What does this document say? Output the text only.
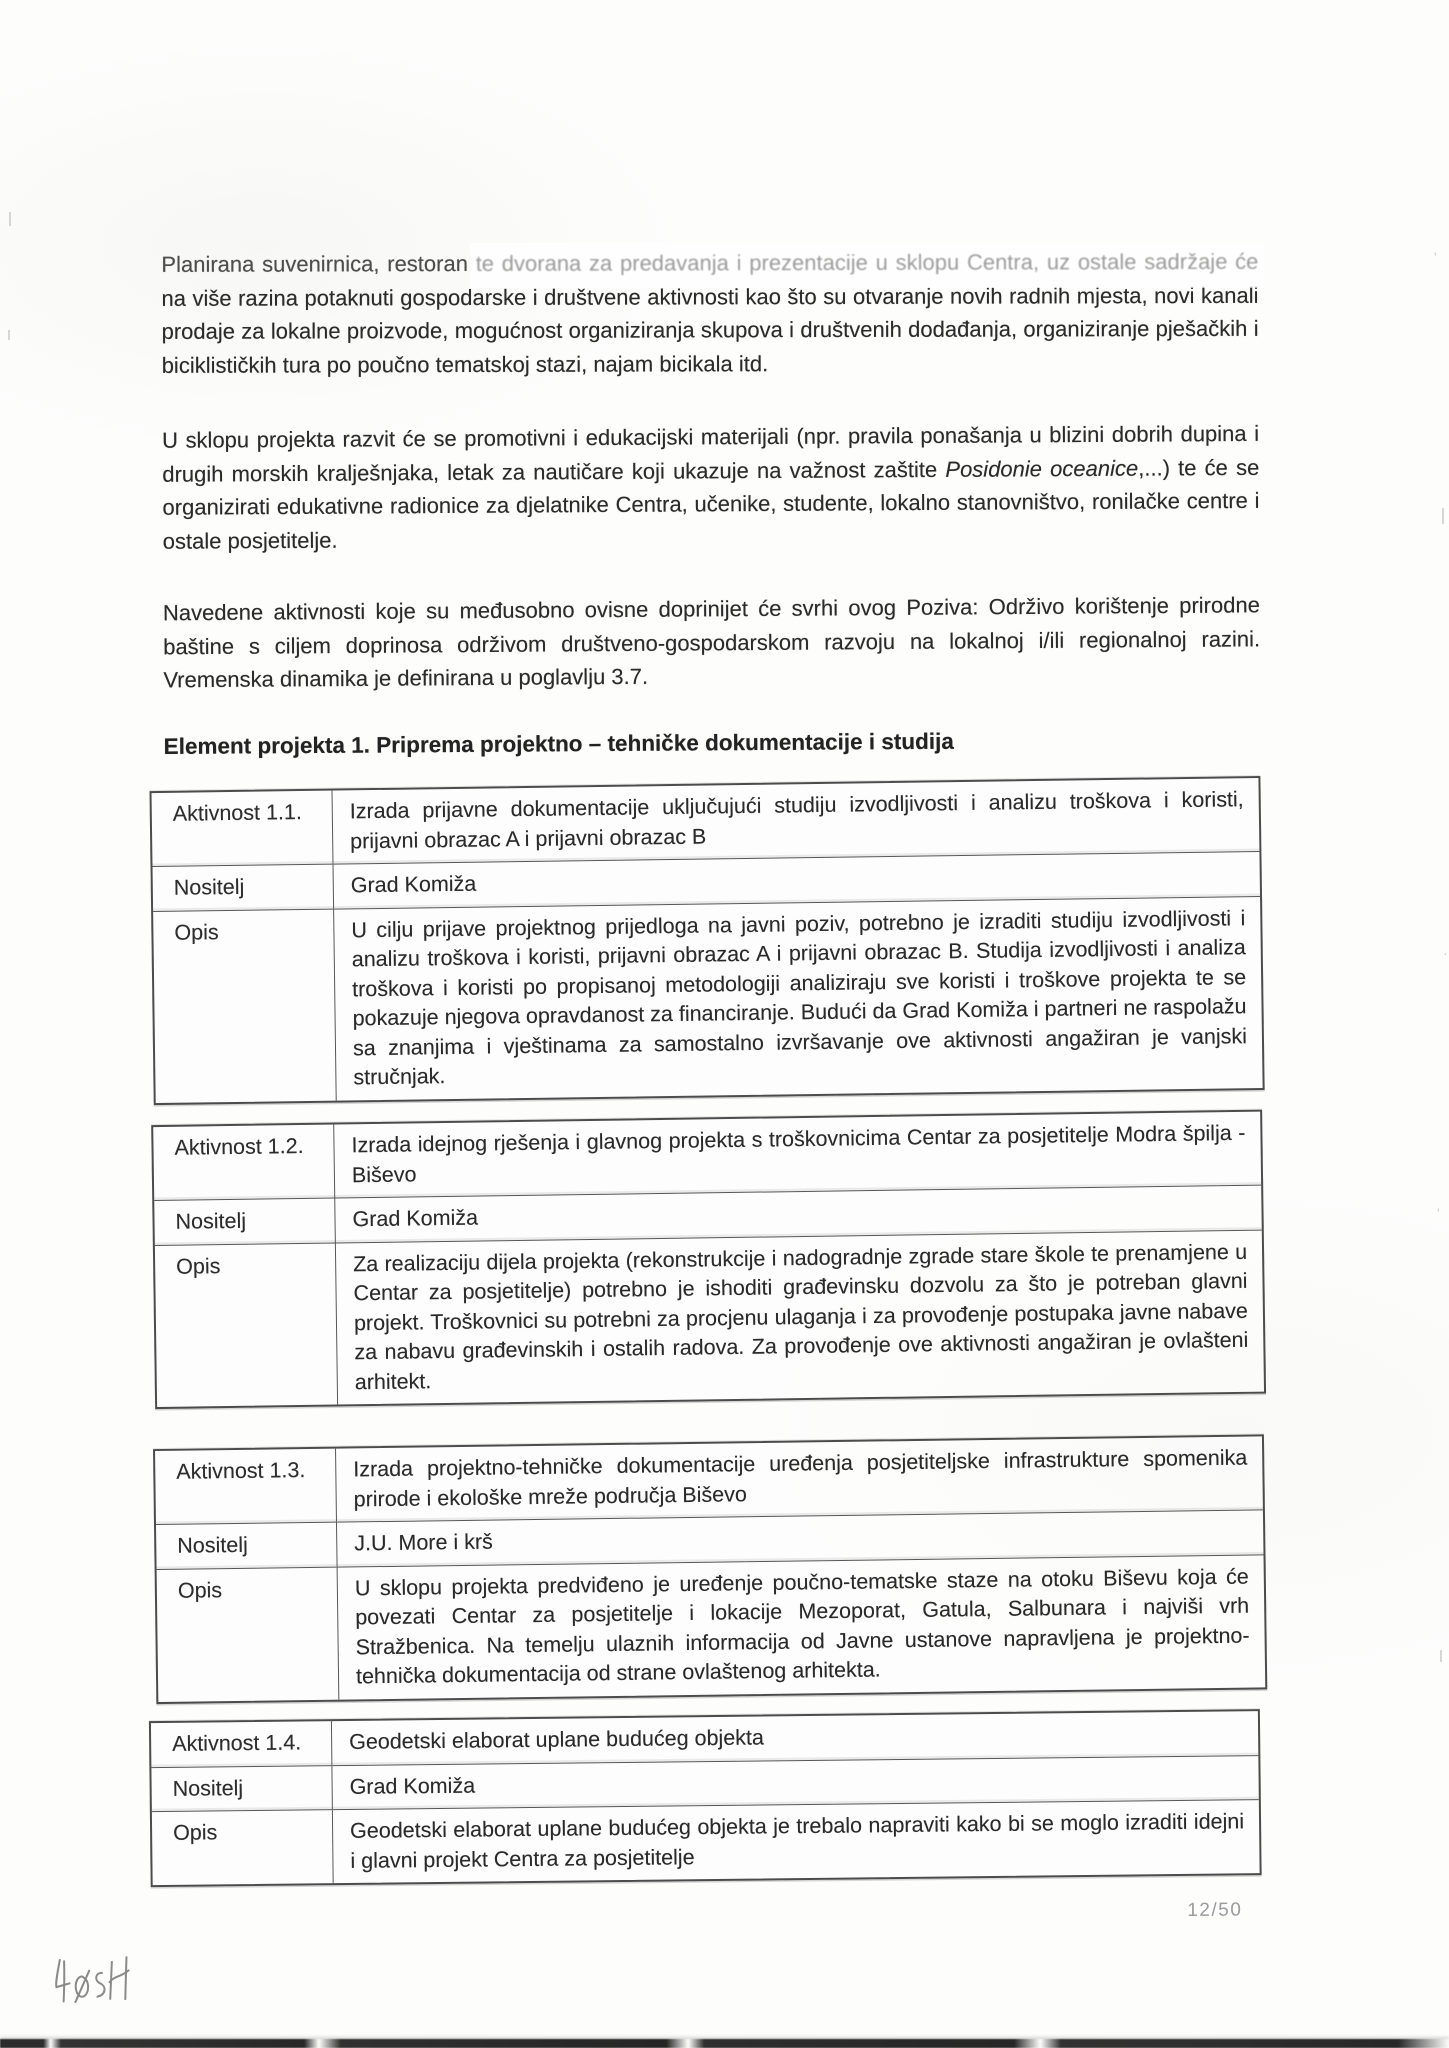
Planirana suvenirnica, restoran te dvorana za predavanja i prezentacije u sklopu Centra, uz ostale sadržaje će na više razina potaknuti gospodarske i društvene aktivnosti kao što su otvaranje novih radnih mjesta, novi kanali prodaje za lokalne proizvode, mogućnost organiziranja skupova i društvenih dodađanja, organiziranje pješačkih i biciklističkih tura po poučno tematskoj stazi, najam bicikala itd.

U sklopu projekta razvit će se promotivni i edukacijski materijali (npr. pravila ponašanja u blizini dobrih dupina i drugih morskih kralješnjaka, letak za nautičare koji ukazuje na važnost zaštite Posidonie oceanice,...) te će se organizirati edukativne radionice za djelatnike Centra, učenike, studente, lokalno stanovništvo, ronilačke centre i ostale posjetitelje.

Navedene aktivnosti koje su međusobno ovisne doprinijet će svrhi ovog Poziva: Održivo korištenje prirodne baštine s ciljem doprinosa održivom društveno-gospodarskom razvoju na lokalnoj i/ili regionalnoj razini. Vremenska dinamika je definirana u poglavlju 3.7.

Element projekta 1. Priprema projektno – tehničke dokumentacije i studija
Aktivnost 1.1.	Izrada prijavne dokumentacije uključujući studiju izvodljivosti i analizu troškova i koristi, prijavni obrazac A i prijavni obrazac B
Nositelj	Grad Komiža
Opis	U cilju prijave projektnog prijedloga na javni poziv, potrebno je izraditi studiju izvodljivosti i analizu troškova i koristi, prijavni obrazac A i prijavni obrazac B. Studija izvodljivosti i analiza troškova i koristi po propisanoj metodologiji analiziraju sve koristi i troškove projekta te se pokazuje njegova opravdanost za financiranje. Budući da Grad Komiža i partneri ne raspolažu sa znanjima i vještinama za samostalno izvršavanje ove aktivnosti angažiran je vanjski stručnjak.
Aktivnost 1.2.	Izrada idejnog rješenja i glavnog projekta s troškovnicima Centar za posjetitelje Modra špilja - Biševo
Nositelj	Grad Komiža
Opis	Za realizaciju dijela projekta (rekonstrukcije i nadogradnje zgrade stare škole te prenamjene u Centar za posjetitelje) potrebno je ishoditi građevinsku dozvolu za što je potreban glavni projekt. Troškovnici su potrebni za procjenu ulaganja i za provođenje postupaka javne nabave za nabavu građevinskih i ostalih radova. Za provođenje ove aktivnosti angažiran je ovlašteni arhitekt.
Aktivnost 1.3.	Izrada projektno-tehničke dokumentacije uređenja posjetiteljske infrastrukture spomenika prirode i ekološke mreže područja Biševo
Nositelj	J.U. More i krš
Opis	U sklopu projekta predviđeno je uređenje poučno-tematske staze na otoku Biševu koja će povezati Centar za posjetitelje i lokacije Mezoporat, Gatula, Salbunara i najviši vrh Stražbenica. Na temelju ulaznih informacija od Javne ustanove napravljena je projektno-tehnička dokumentacija od strane ovlaštenog arhitekta.
Aktivnost 1.4.	Geodetski elaborat uplane budućeg objekta
Nositelj	Grad Komiža
Opis	Geodetski elaborat uplane budućeg objekta je trebalo napraviti kako bi se moglo izraditi idejni i glavni projekt Centra za posjetitelje
12/50
'
·
'
